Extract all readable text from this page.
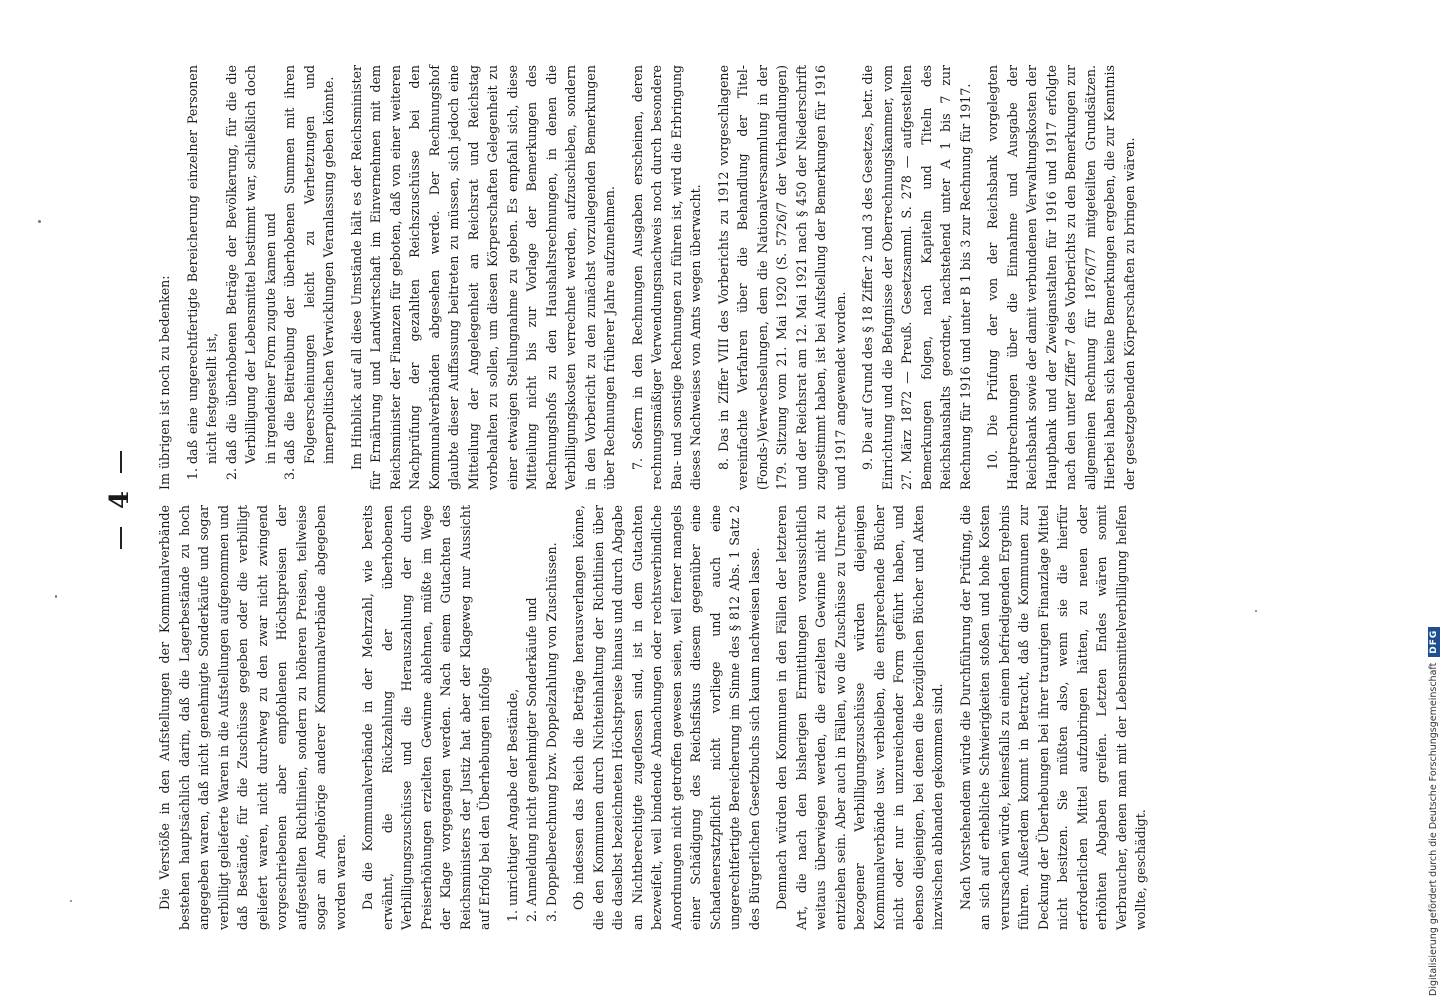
4

Die Verstöße in den Aufstellungen der Kommunalverbände bestehen hauptsächlich darin, daß die Lagerbestände zu hoch angegeben waren, daß nicht genehmigte Sonderkäufe und sogar verbilligt gelieferte Waren in die Aufstellungen aufgenommen und daß Bestände, für die Zuschüsse gegeben oder die verbilligt geliefert waren, nicht durchweg zu den zwar nicht zwingend vorgeschriebenen aber empfohlenen Höchstpreisen der aufgestellten Richtlinien, sondern zu höheren Preisen, teilweise sogar an Angehörige anderer Kommunalverbände abgegeben worden waren. Da die Kommunalverbände in der Mehrzahl, wie bereits erwähnt, die Rückzahlung der überhobenen Verbilligungszuschüsse und die Herauszahlung der durch Preiserhöhungen erzielten Gewinne ablehnen, müßte im Wege der Klage vorgegangen werden. Nach einem Gutachten des Reichsministers der Justiz hat aber der Klageweg nur Aussicht auf Erfolg bei den Überhebungen infolge 1. unrichtiger Angabe der Bestände, 2. Anmeldung nicht genehmigter Sonderkäufe und 3. Doppelberechnung bzw. Doppelzahlung von Zuschüssen. Ob indessen das Reich die Beträge herausverlangen könne, die den Kommunen durch Nichteinhaltung der Richtlinien über die daselbst bezeichneten Höchstpreise hinaus und durch Abgabe an Nichtberechtigte zugeflossen sind, ist in dem Gutachten bezweifelt, weil bindende Abmachungen oder rechtsverbindliche Anordnungen nicht getroffen gewesen seien, weil ferner mangels einer Schädigung des Reichsfiskus diesem gegenüber eine Schadenersatzpflicht nicht vorliege und auch eine ungerechtfertigte Bereicherung im Sinne des § 812 Abs. 1 Satz 2 des Bürgerlichen Gesetzbuchs sich kaum nachweisen lasse. Demnach würden den Kommunen in den Fällen der letzteren Art, die nach den bisherigen Ermittlungen voraussichtlich weitaus überwiegen werden, die erzielten Gewinne nicht zu entziehen sein. Aber auch in Fällen, wo die Zuschüsse zu Unrecht bezogener Verbilligungszuschüsse würden diejenigen Kommunalverbände usw. verbleiben, die entsprechende Bücher nicht oder nur in unzureichender Form geführt haben, und ebenso diejenigen, bei denen die bezüglichen Bücher und Akten inzwischen abhanden gekommen sind. Nach Vorstehendem würde die Durchführung der Prüfung, die an sich auf erhebliche Schwierigkeiten stoßen und hohe Kosten verursachen würde, keinesfalls zu einem befriedigenden Ergebnis führen. Außerdem kommt in Betracht, daß die Kommunen zur Deckung der Überhebungen bei ihrer traurigen Finanzlage Mittel nicht besitzen. Sie müßten also, wenn sie die hierfür erforderlichen Mittel aufzubringen hätten, zu neuen oder erhöhten Abgaben greifen. Letzten Endes wären somit Verbraucher, denen man mit der Lebensmittelverbilligung helfen wollte, geschädigt.

Im übrigen ist noch zu bedenken: 1. daß eine ungerechtfertigte Bereicherung einzelner Personen nicht festgestellt ist, 2. daß die überhobenen Beträge der Bevölkerung, für die die Verbilligung der Lebensmittel bestimmt war, schließlich doch in irgendeiner Form zugute kamen und 3. daß die Beitreibung der überhobenen Summen mit ihren Folgeerscheinungen leicht zu Verhetzungen und innerpolitischen Verwicklungen Veranlassung geben könnte. Im Hinblick auf all diese Umstände hält es der Reichsminister für Ernährung und Landwirtschaft im Einvernehmen mit dem Reichsminister der Finanzen für geboten, daß von einer weiteren Nachprüfung der gezahlten Reichszuschüsse bei den Kommunalverbänden abgesehen werde. Der Rechnungshof glaubte dieser Auffassung beitreten zu müssen, sich jedoch eine Mitteilung der Angelegenheit an Reichsrat und Reichstag vorbehalten zu sollen, um diesen Körperschaften Gelegenheit zu einer etwaigen Stellungnahme zu geben. Es empfahl sich, diese Mitteilung nicht bis zur Vorlage der Bemerkungen des Rechnungshofs zu den Haushaltsrechnungen, in denen die Verbilligungskosten verrechnet werden, aufzuschieben, sondern in den Vorbericht zu den zunächst vorzulegenden Bemerkungen über Rechnungen früherer Jahre aufzunehmen. 7. Sofern in den Rechnungen Ausgaben erscheinen, deren rechnungsmäßiger Verwendungsnachweis noch durch besondere Bau- und sonstige Rechnungen zu führen ist, wird die Erbringung dieses Nachweises von Amts wegen überwacht. 8. Das in Ziffer VIII des Vorberichts zu 1912 vorgeschlagene vereinfachte Verfahren über die Behandlung der Titel-(Fonds-)Verwechselungen, dem die Nationalversammlung in der 179. Sitzung vom 21. Mai 1920 (S. 5726/7 der Verhandlungen) und der Reichsrat am 12. Mai 1921 nach § 450 der Niederschrift zugestimmt haben, ist bei Aufstellung der Bemerkungen für 1916 und 1917 angewendet worden. 9. Die auf Grund des § 18 Ziffer 2 und 3 des Gesetzes, betr. die Einrichtung und die Befugnisse der Oberrechnungskammer, vom 27. März 1872 — Preuß. Gesetzsamml. S. 278 — aufgestellten Bemerkungen folgen, nach Kapiteln und Titeln des Reichshaushalts geordnet, nachstehend unter A 1 bis 7 zur Rechnung für 1916 und unter B 1 bis 3 zur Rechnung für 1917. 10. Die Prüfung der von der Reichsbank vorgelegten Hauptrechnungen über die Einnahme und Ausgabe der Reichsbank sowie der damit verbundenen Verwaltungskosten der Hauptbank und der Zweiganstalten für 1916 und 1917 erfolgte nach den unter Ziffer 7 des Vorberichts zu den Bemerkungen zur allgemeinen Rechnung für 1876/77 mitgeteilten Grundsätzen. Hierbei haben sich keine Bemerkungen ergeben, die zur Kenntnis der gesetzgebenden Körperschaften zu bringen wären.

Digitalisierung gefördert durch die Deutsche ForschungsgemeinschaftDFG
